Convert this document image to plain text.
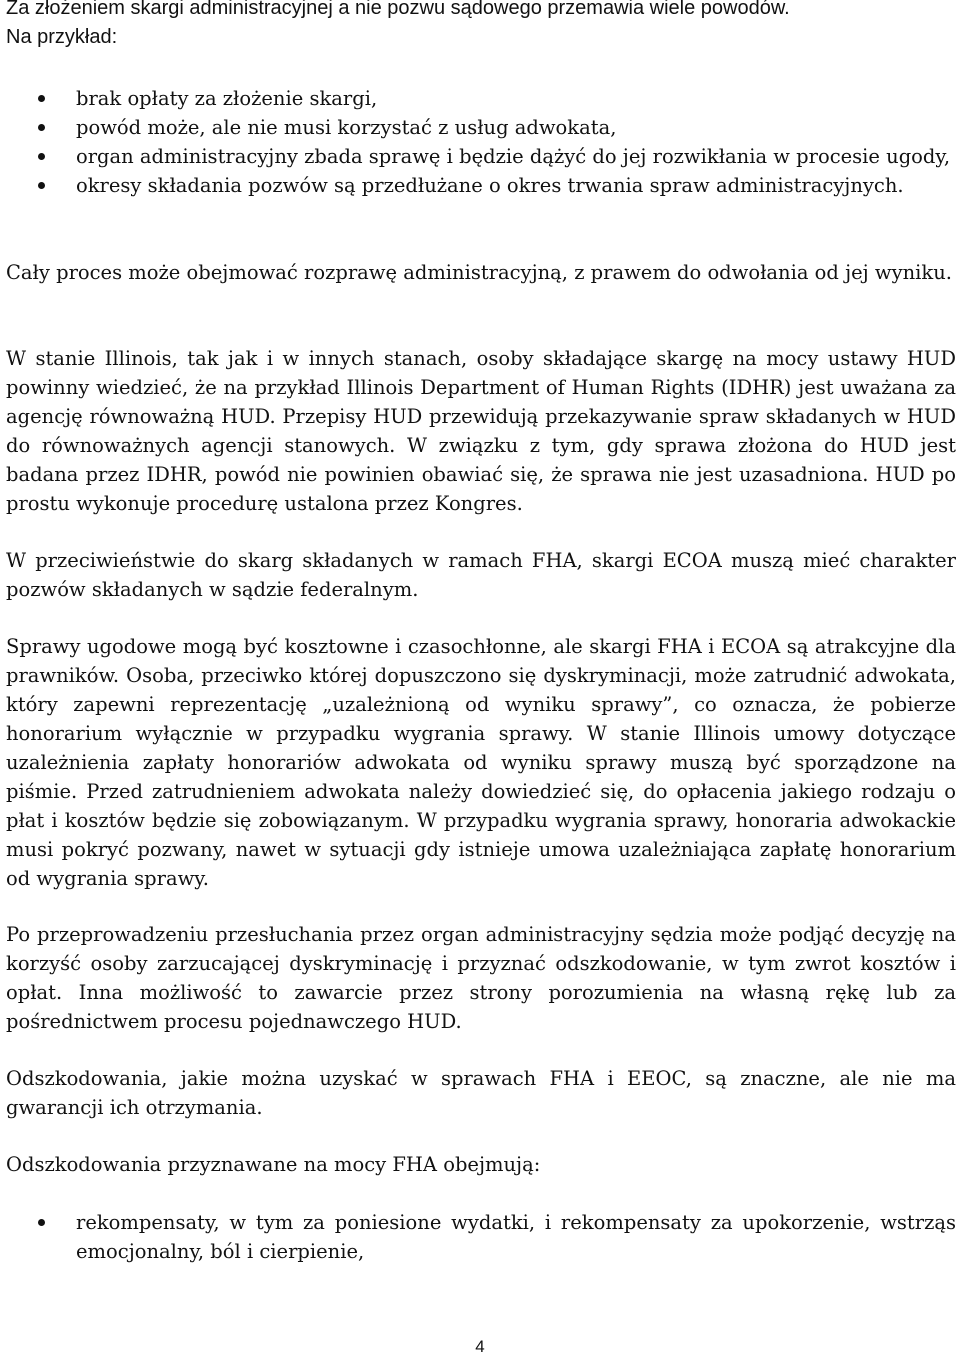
Za złożeniem skargi administracyjnej a nie pozwu sądowego przemawia wiele powodów.
Na przykład:
brak opłaty za złożenie skargi,
powód może, ale nie musi korzystać z usług adwokata,
organ administracyjny zbada sprawę i będzie dążyć do jej rozwikłania w procesie ugody,
okresy składania pozwów są przedłużane o okres trwania spraw administracyjnych.

Cały proces może obejmować rozprawę administracyjną, z prawem do odwołania od jej wyniku.

W stanie Illinois, tak jak i w innych stanach, osoby składające skargę na mocy ustawy HUD powinny wiedzieć, że na przykład Illinois Department of Human Rights (IDHR) jest uważana za agencję równoważną HUD. Przepisy HUD przewidują przekazywanie spraw składanych w HUD do równoważnych agencji stanowych. W związku z tym, gdy sprawa złożona do HUD jest badana przez IDHR, powód nie powinien obawiać się, że sprawa nie jest uzasadniona. HUD po prostu wykonuje procedurę ustalona przez Kongres.

W przeciwieństwie do skarg składanych w ramach FHA, skargi ECOA muszą mieć charakter pozwów składanych w sądzie federalnym.

Sprawy ugodowe mogą być kosztowne i czasochłonne, ale skargi FHA i ECOA są atrakcyjne dla prawników. Osoba, przeciwko której dopuszczono się dyskryminacji, może zatrudnić adwokata, który zapewni reprezentację „uzależnioną od wyniku sprawy”, co oznacza, że pobierze honorarium wyłącznie w przypadku wygrania sprawy. W stanie Illinois umowy dotyczące uzależnienia zapłaty honorariów adwokata od wyniku sprawy muszą być sporządzone na piśmie. Przed zatrudnieniem adwokata należy dowiedzieć się, do opłacenia jakiego rodzaju o płat i kosztów będzie się zobowiązanym. W przypadku wygrania sprawy, honoraria adwokackie musi pokryć pozwany, nawet w sytuacji gdy istnieje umowa uzależniająca zapłatę honorarium od wygrania sprawy.

Po przeprowadzeniu przesłuchania przez organ administracyjny sędzia może podjąć decyzję na korzyść osoby zarzucającej dyskryminację i przyznać odszkodowanie, w tym zwrot kosztów i opłat. Inna możliwość to zawarcie przez strony porozumienia na własną rękę lub za pośrednictwem procesu pojednawczego HUD.

Odszkodowania, jakie można uzyskać w sprawach FHA i EEOC, są znaczne, ale nie ma gwarancji ich otrzymania.

Odszkodowania przyznawane na mocy FHA obejmują:

rekompensaty, w tym za poniesione wydatki, i rekompensaty za upokorzenie, wstrząs emocjonalny, ból i cierpienie,
4
